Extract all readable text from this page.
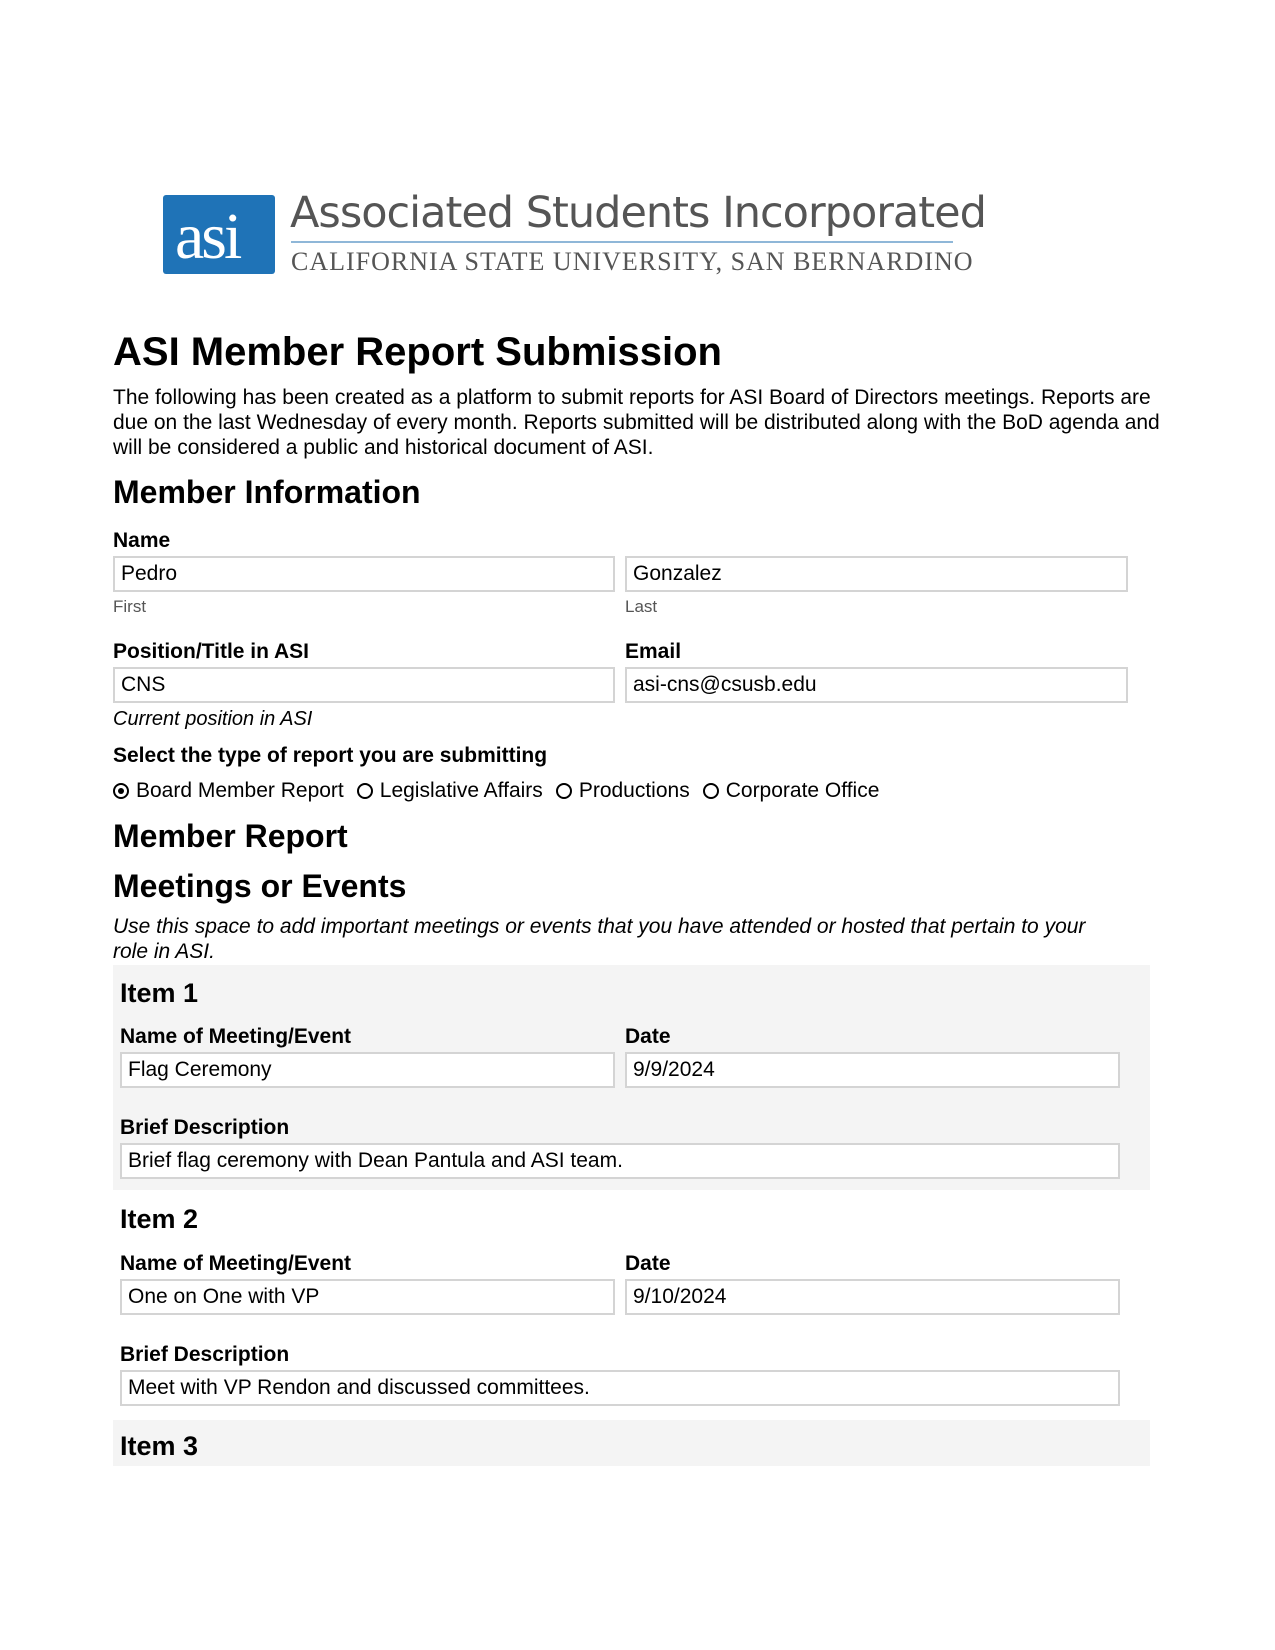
asi Associated Students Incorporated
CALIFORNIA STATE UNIVERSITY, SAN BERNARDINO
ASI Member Report Submission

The following has been created as a platform to submit reports for ASI Board of Directors meetings. Reports are due on the last Wednesday of every month. Reports submitted will be distributed along with the BoD agenda and will be considered a public and historical document of ASI.

Member Information
Name
Pedro
First
Gonzalez
Last
Position/Title in ASI
CNS
Current position in ASI
Email
asi-cns@csusb.edu
Select the type of report you are submitting
Board Member Report Legislative Affairs Productions Corporate Office
Member Report
Meetings or Events
Use this space to add important meetings or events that you have attended or hosted that pertain to your role in ASI.
Item 1
Name of Meeting/Event
Flag Ceremony
Date
9/9/2024
Brief Description
Brief flag ceremony with Dean Pantula and ASI team.
Item 2
Name of Meeting/Event
One on One with VP
Date
9/10/2024
Brief Description
Meet with VP Rendon and discussed committees.
Item 3
